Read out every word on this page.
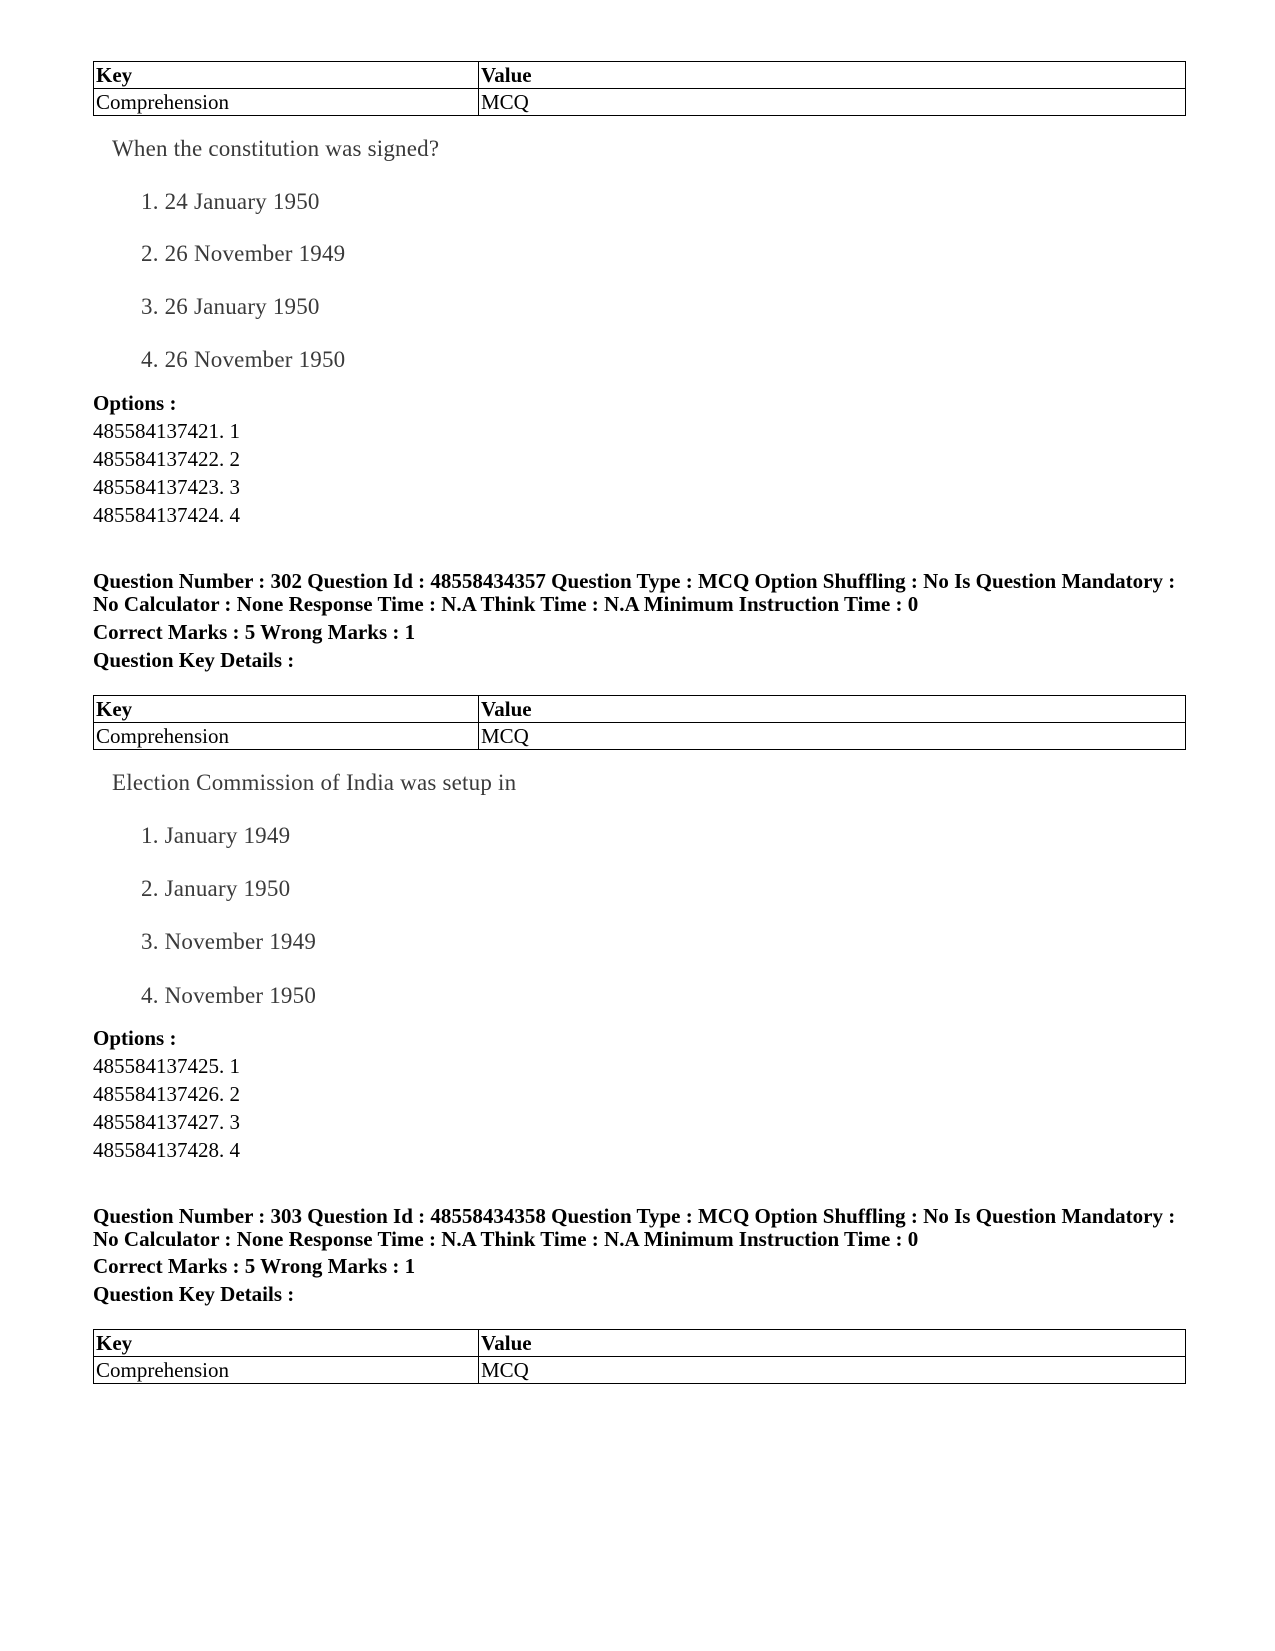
Key	Value
Comprehension	MCQ
When the constitution was signed?
1. 24 January 1950
2. 26 November 1949
3. 26 January 1950
4. 26 November 1950
Options :
485584137421. 1
485584137422. 2
485584137423. 3
485584137424. 4
Question Number : 302 Question Id : 48558434357 Question Type : MCQ Option Shuffling : No Is Question Mandatory :
No Calculator : None Response Time : N.A Think Time : N.A Minimum Instruction Time : 0
Correct Marks : 5 Wrong Marks : 1
Question Key Details :
Key	Value
Comprehension	MCQ
Election Commission of India was setup in
1. January 1949
2. January 1950
3. November 1949
4. November 1950
Options :
485584137425. 1
485584137426. 2
485584137427. 3
485584137428. 4
Question Number : 303 Question Id : 48558434358 Question Type : MCQ Option Shuffling : No Is Question Mandatory :
No Calculator : None Response Time : N.A Think Time : N.A Minimum Instruction Time : 0
Correct Marks : 5 Wrong Marks : 1
Question Key Details :
Key	Value
Comprehension	MCQ
